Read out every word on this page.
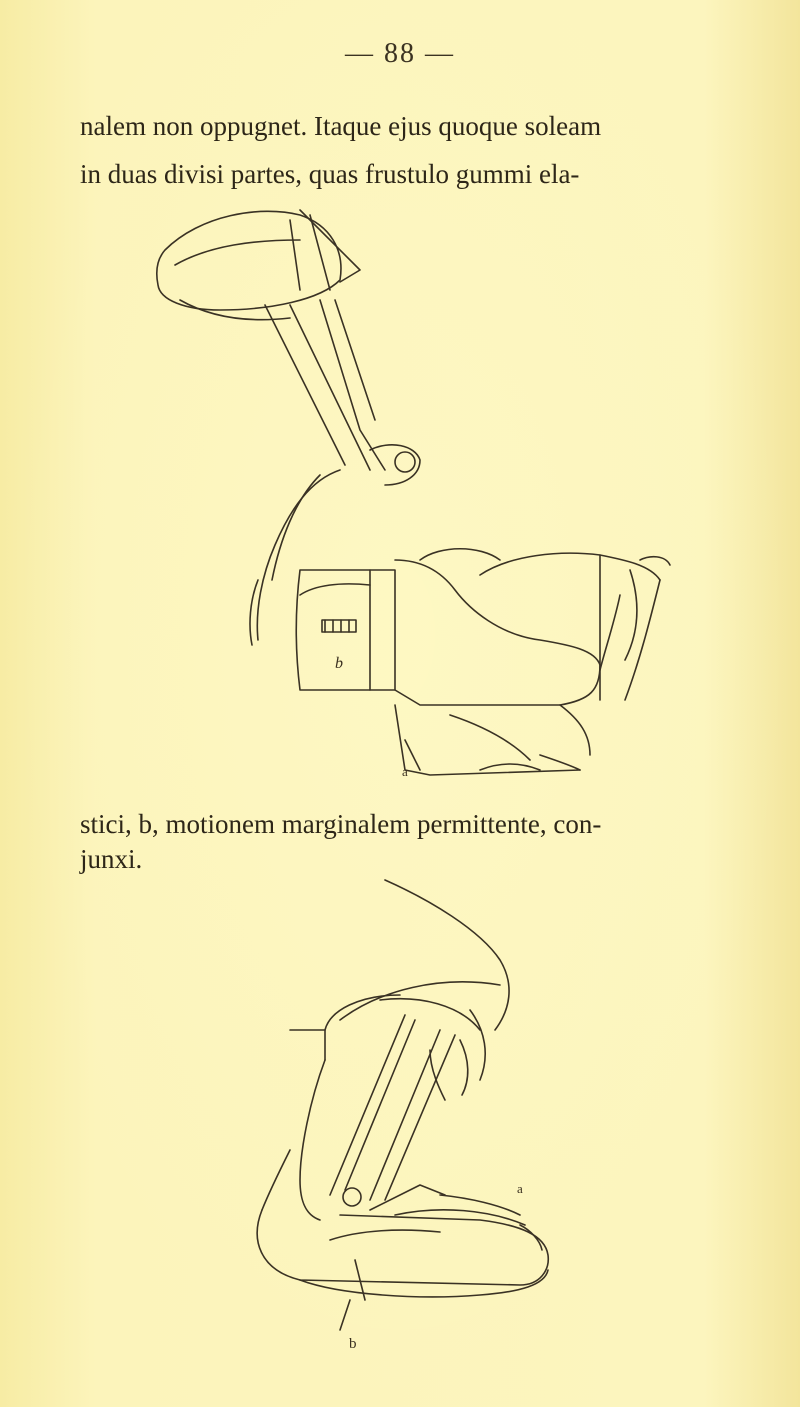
— 88 —
nalem non oppugnet. Itaque ejus quoque soleam
in duas divisi partes, quas frustulo gummi ela-
b
a
stici, b, motionem marginalem permittente, con-
junxi.
a
b
